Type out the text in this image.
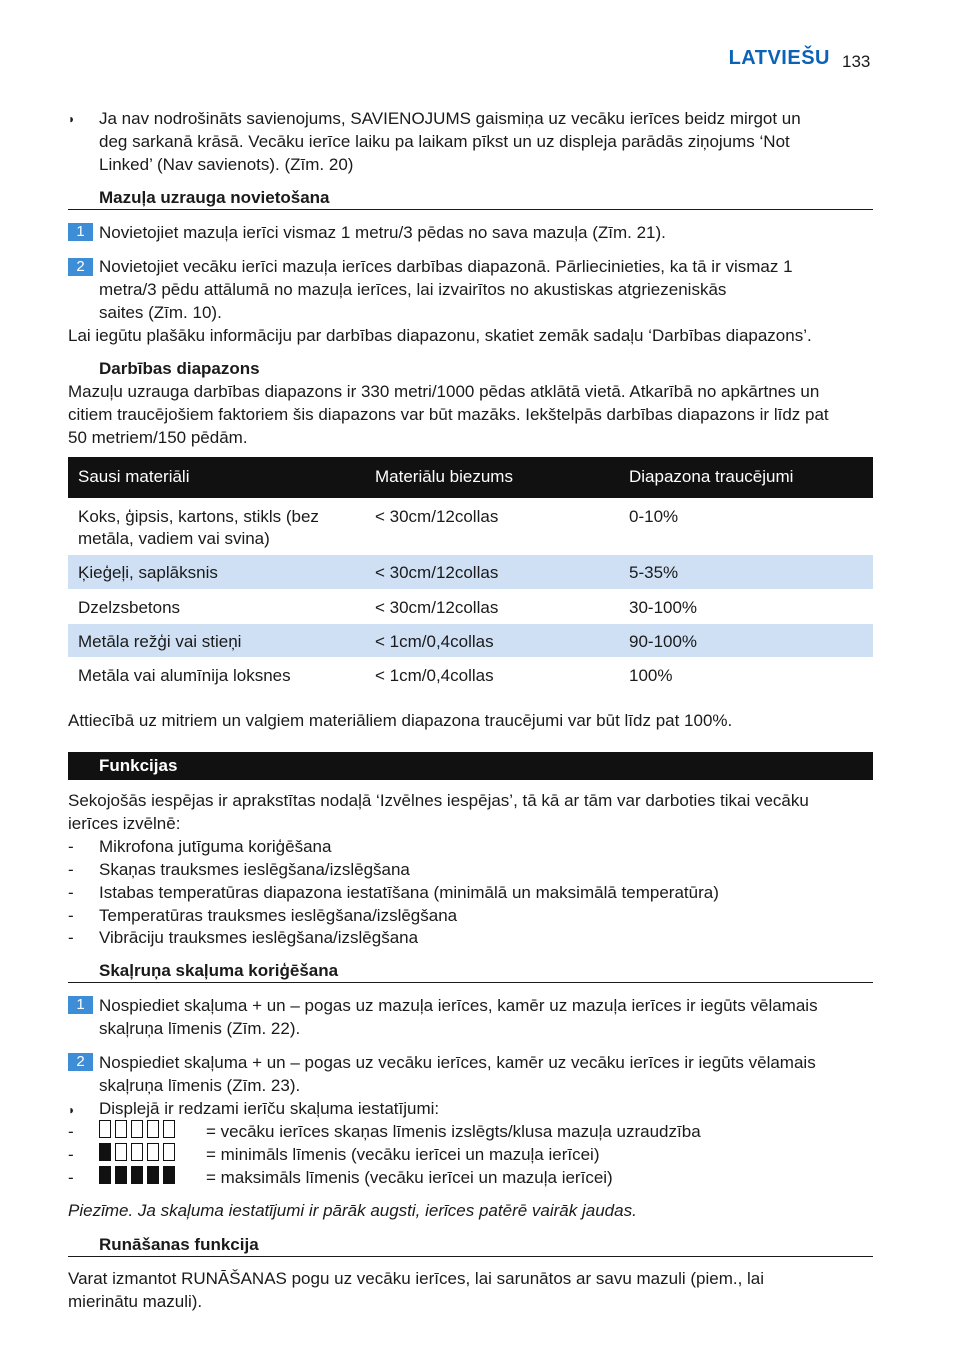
LATVIEŠU 133
◗ Ja nav nodrošināts savienojums, SAVIENOJUMS gaismiņa uz vecāku ierīces beidz mirgot un
deg sarkanā krāsā. Vecāku ierīce laiku pa laikam pīkst un uz displeja parādās ziņojums ‘Not
Linked’ (Nav savienots). (Zīm. 20)
Mazuļa uzrauga novietošana
1 Novietojiet mazuļa ierīci vismaz 1 metru/3 pēdas no sava mazuļa (Zīm. 21).
2 Novietojiet vecāku ierīci mazuļa ierīces darbības diapazonā. Pārliecinieties, ka tā ir vismaz 1
metra/3 pēdu attālumā no mazuļa ierīces, lai izvairītos no akustiskas atgriezeniskās
saites (Zīm. 10).
Lai iegūtu plašāku informāciju par darbības diapazonu, skatiet zemāk sadaļu ‘Darbības diapazons’.
Darbības diapazons
Mazuļu uzrauga darbības diapazons ir 330 metri/1000 pēdas atklātā vietā. Atkarībā no apkārtnes un
citiem traucējošiem faktoriem šis diapazons var būt mazāks. Iekštelpās darbības diapazons ir līdz pat
50 metriem/150 pēdām.
Sausi materiāli	Materiālu biezums	Diapazona traucējumi
Koks, ģipsis, kartons, stikls (bez
metāla, vadiem vai svina)
< 30cm/12collas	0-10%
Ķieģeļi, saplāksnis	< 30cm/12collas	5-35%
Dzelzsbetons	< 30cm/12collas	30-100%
Metāla režģi vai stieņi	< 1cm/0,4collas	90-100%
Metāla vai alumīnija loksnes	< 1cm/0,4collas	100%
Attiecībā uz mitriem un valgiem materiāliem diapazona traucējumi var būt līdz pat 100%.
Funkcijas
Sekojošās iespējas ir aprakstītas nodaļā ‘Izvēlnes iespējas’, tā kā ar tām var darboties tikai vecāku
ierīces izvēlnē:
- Mikrofona jutīguma koriģēšana
- Skaņas trauksmes ieslēgšana/izslēgšana
- Istabas temperatūras diapazona iestatīšana (minimālā un maksimālā temperatūra)
- Temperatūras trauksmes ieslēgšana/izslēgšana
- Vibrāciju trauksmes ieslēgšana/izslēgšana
Skaļruņa skaļuma koriģēšana
1 Nospiediet skaļuma + un – pogas uz mazuļa ierīces, kamēr uz mazuļa ierīces ir iegūts vēlamais
skaļruņa līmenis (Zīm. 22).
2 Nospiediet skaļuma + un – pogas uz vecāku ierīces, kamēr uz vecāku ierīces ir iegūts vēlamais
skaļruņa līmenis (Zīm. 23).
◗ Displejā ir redzami ierīču skaļuma iestatījumi:
-	= vecāku ierīces skaņas līmenis izslēgts/klusa mazuļa uzraudzība
-	= minimāls līmenis (vecāku ierīcei un mazuļa ierīcei)
-	= maksimāls līmenis (vecāku ierīcei un mazuļa ierīcei)
Piezīme. Ja skaļuma iestatījumi ir pārāk augsti, ierīces patērē vairāk jaudas.
Runāšanas funkcija
Varat izmantot RUNĀŠANAS pogu uz vecāku ierīces, lai sarunātos ar savu mazuli (piem., lai
mierinātu mazuli).
